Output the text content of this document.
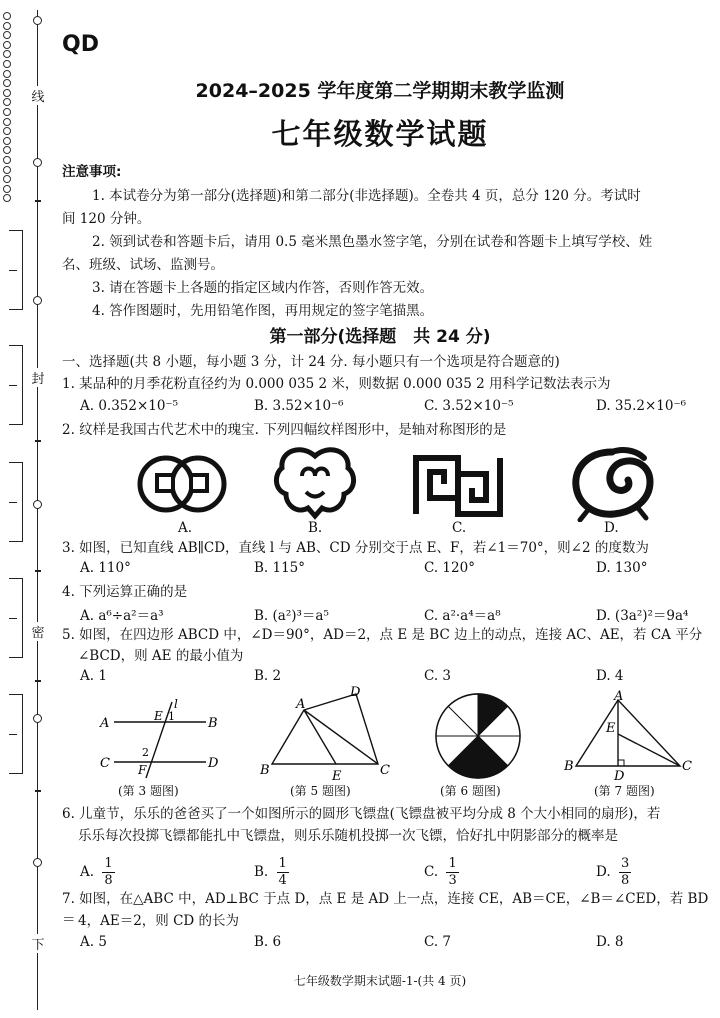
线
封
密
下
QD
2024–2025 学年度第二学期期末教学监测
七年级数学试题
注意事项:
1. 本试卷分为第一部分(选择题)和第二部分(非选择题)。全卷共 4 页，总分 120 分。考试时
间 120 分钟。
2. 领到试卷和答题卡后，请用 0.5 毫米黑色墨水签字笔，分别在试卷和答题卡上填写学校、姓
名、班级、试场、监测号。
3. 请在答题卡上各题的指定区域内作答，否则作答无效。
4. 答作图题时，先用铅笔作图，再用规定的签字笔描黑。
第一部分(选择题　共 24 分)
一、选择题(共 8 小题，每小题 3 分，计 24 分. 每小题只有一个选项是符合题意的)
1. 某品种的月季花粉直径约为 0.000 035 2 米，则数据 0.000 035 2 用科学记数法表示为
A. 0.352×10⁻⁵	B. 3.52×10⁻⁶	C. 3.52×10⁻⁵	D. 35.2×10⁻⁶
2. 纹样是我国古代艺术中的瑰宝. 下列四幅纹样图形中，是轴对称图形的是
A.	B.	C.	D.
3. 如图，已知直线 AB∥CD，直线 l 与 AB、CD 分别交于点 E、F，若∠1＝70°，则∠2 的度数为
A. 110°	B. 115°	C. 120°	D. 130°
4. 下列运算正确的是
A. a⁶÷a²＝a³	B. (a²)³＝a⁵	C. a²·a⁴＝a⁸	D. (3a²)²＝9a⁴
5. 如图，在四边形 ABCD 中，∠D＝90°，AD＝2，点 E 是 BC 边上的动点，连接 AC、AE，若 CA 平分
∠BCD，则 AE 的最小值为
A. 1	B. 2	C. 3	D. 4
A	B
C	D
E
F
l
1
2
(第 3 题图)
A
B	C
D
E
(第 5 题图)	(第 6 题图)
A
B	C
D
E
(第 7 题图)
6. 儿童节，乐乐的爸爸买了一个如图所示的圆形飞镖盘(飞镖盘被平均分成 8 个大小相同的扇形)，若
乐乐每次投掷飞镖都能扎中飞镖盘，则乐乐随机投掷一次飞镖，恰好扎中阴影部分的概率是
A. $\frac{1}{8}$	B. $\frac{1}{4}$	C. $\frac{1}{3}$	D. $\frac{3}{8}$
7. 如图，在△ABC 中，AD⊥BC 于点 D，点 E 是 AD 上一点，连接 CE，AB＝CE，∠B＝∠CED，若 BD＝ 4，AE＝2，则 CD 的长为
A. 5	B. 6	C. 7	D. 8
七年级数学期末试题-1-(共 4 页)
